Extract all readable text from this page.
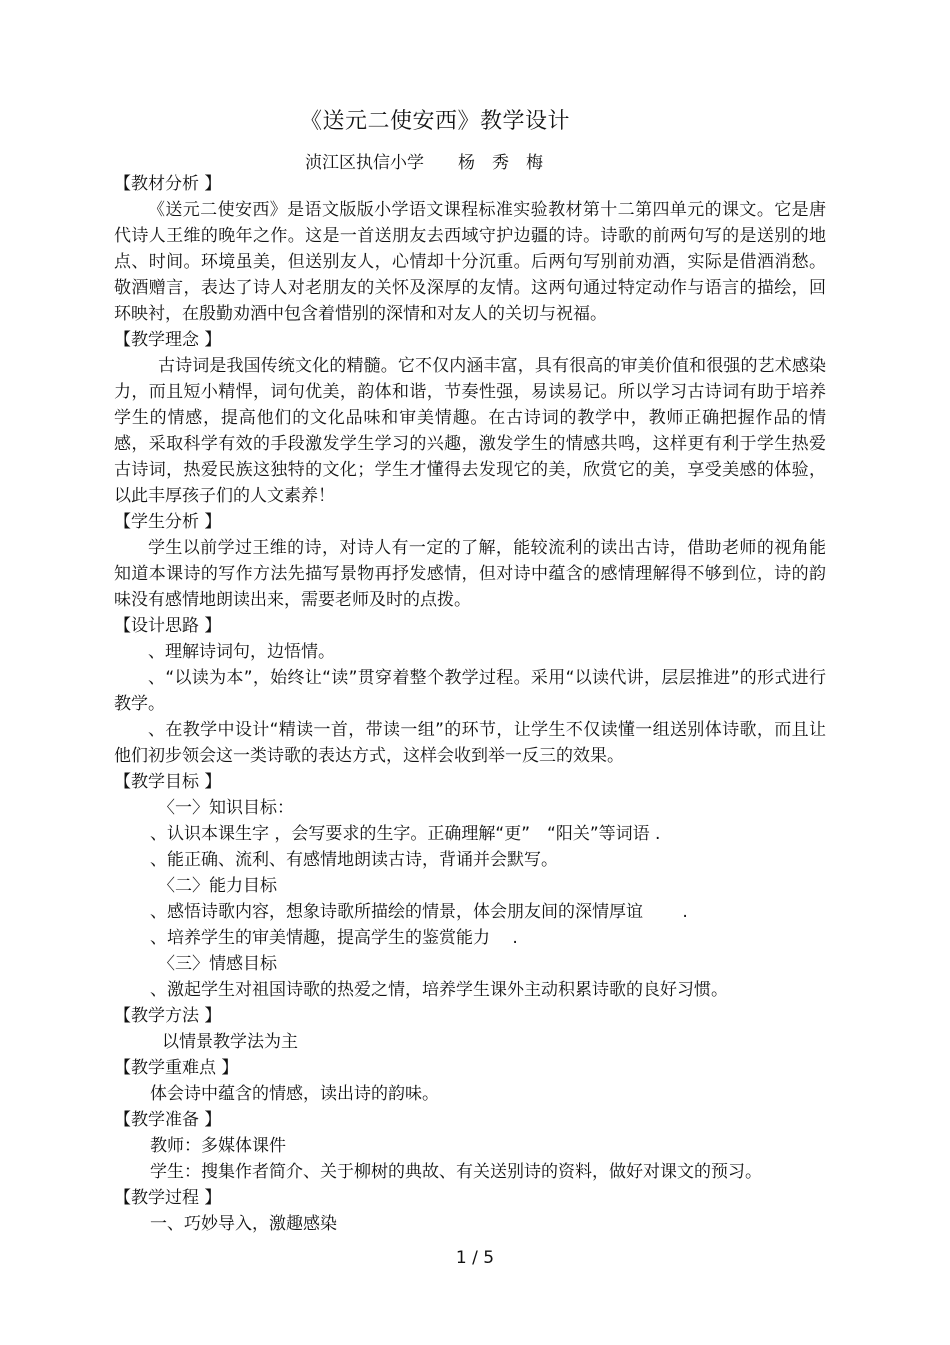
《送元二使安西》教学设计
浈江区执信小学　　杨　秀　梅
【教材分析 】
《送元二使安西》是语文版版小学语文课程标准实验教材第十二第四单元的课文。它是唐代诗人王维的晚年之作。这是一首送朋友去西域守护边疆的诗。诗歌的前两句写的是送别的地点、时间。环境虽美，但送别友人，心情却十分沉重。后两句写别前劝酒，实际是借酒消愁。敬酒赠言，表达了诗人对老朋友的关怀及深厚的友情。这两句通过特定动作与语言的描绘，回环映衬，在殷勤劝酒中包含着惜别的深情和对友人的关切与祝福。
【教学理念 】
古诗词是我国传统文化的精髓。它不仅内涵丰富，具有很高的审美价值和很强的艺术感染力，而且短小精悍，词句优美，韵体和谐，节奏性强，易读易记。所以学习古诗词有助于培养学生的情感，提高他们的文化品味和审美情趣。在古诗词的教学中，教师正确把握作品的情感，采取科学有效的手段激发学生学习的兴趣，激发学生的情感共鸣，这样更有利于学生热爱古诗词，热爱民族这独特的文化；学生才懂得去发现它的美，欣赏它的美，享受美感的体验，以此丰厚孩子们的人文素养！
【学生分析 】
学生以前学过王维的诗，对诗人有一定的了解，能较流利的读出古诗，借助老师的视角能知道本课诗的写作方法先描写景物再抒发感情，但对诗中蕴含的感情理解得不够到位，诗的韵味没有感情地朗读出来，需要老师及时的点拨。
【设计思路 】
、理解诗词句，边悟情。
、“以读为本”，始终让“读”贯穿着整个教学过程。采用“以读代讲，层层推进”的形式进行教学。
、在教学中设计“精读一首，带读一组”的环节，让学生不仅读懂一组送别体诗歌，而且让他们初步领会这一类诗歌的表达方式，这样会收到举一反三的效果。
【教学目标 】
〈一〉知识目标：
、认识本课生字 ，会写要求的生字。正确理解“更”　“阳关”等词语 .
、能正确、流利、有感情地朗读古诗，背诵并会默写。
〈二〉能力目标
、感悟诗歌内容，想象诗歌所描绘的情景，体会朋友间的深情厚谊　　 .
、培养学生的审美情趣，提高学生的鉴赏能力　 .
〈三〉情感目标
、激起学生对祖国诗歌的热爱之情，培养学生课外主动积累诗歌的良好习惯。
【教学方法 】
以情景教学法为主
【教学重难点 】
体会诗中蕴含的情感，读出诗的韵味。
【教学准备 】
教师：多媒体课件
学生：搜集作者简介、关于柳树的典故、有关送别诗的资料，做好对课文的预习。
【教学过程 】
一、巧妙导入，激趣感染
1 / 5
